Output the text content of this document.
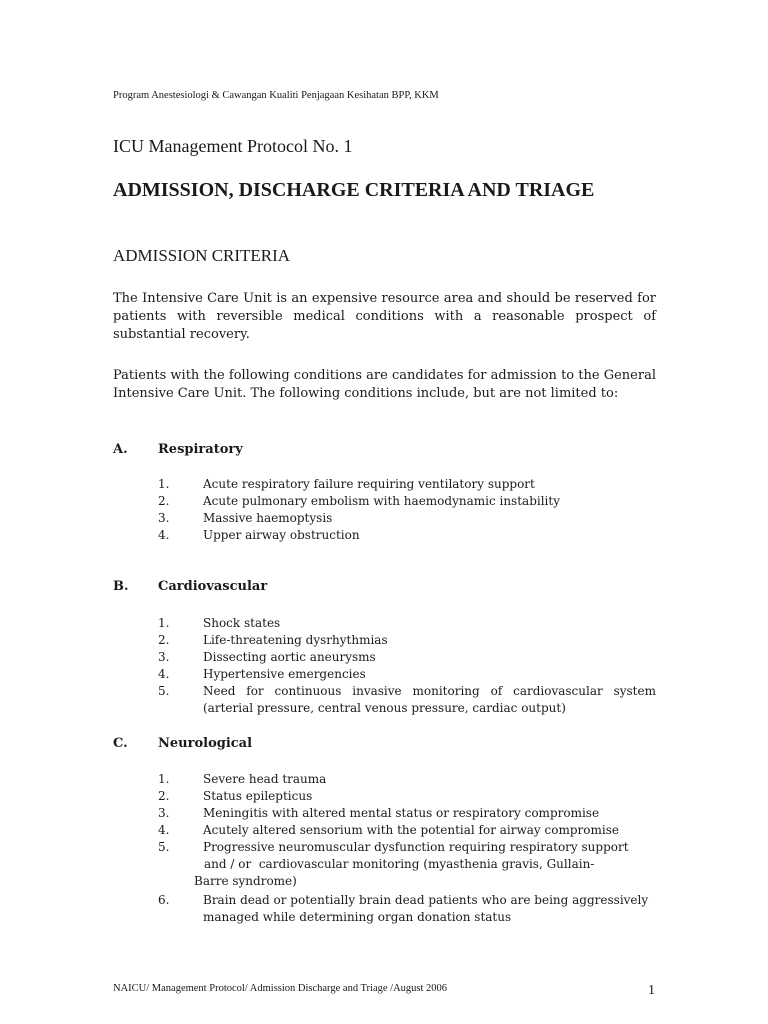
Program Anestesiologi & Cawangan Kualiti Penjagaan Kesihatan BPP, KKM
ICU Management Protocol No. 1
ADMISSION, DISCHARGE CRITERIA AND TRIAGE
ADMISSION CRITERIA
The Intensive Care Unit is an expensive resource area and should be reserved for patients with reversible medical conditions with a reasonable prospect of substantial recovery.
Patients with the following conditions are candidates for admission to the General Intensive Care Unit. The following conditions include, but are not limited to:
A. Respiratory
1.	Acute respiratory failure requiring ventilatory support
2.	Acute pulmonary embolism with haemodynamic instability
3.	Massive haemoptysis
4.	Upper airway obstruction
B. Cardiovascular
1.	Shock states
2.	Life-threatening dysrhythmias
3.	Dissecting aortic aneurysms
4.	Hypertensive emergencies
5.	Need for continuous invasive monitoring of cardiovascular system (arterial pressure, central venous pressure, cardiac output)
C. Neurological
1.	Severe head trauma
2.	Status epilepticus
3.	Meningitis with altered mental status or respiratory compromise
4.	Acutely altered sensorium with the potential for airway compromise
5.	Progressive neuromuscular dysfunction requiring respiratory support
and / or  cardiovascular monitoring (myasthenia gravis, Gullain-
Barre syndrome)
6.	Brain dead or potentially brain dead patients who are being aggressively
managed while determining organ donation status
NAICU/ Management Protocol/ Admission Discharge and Triage /August 2006	1
